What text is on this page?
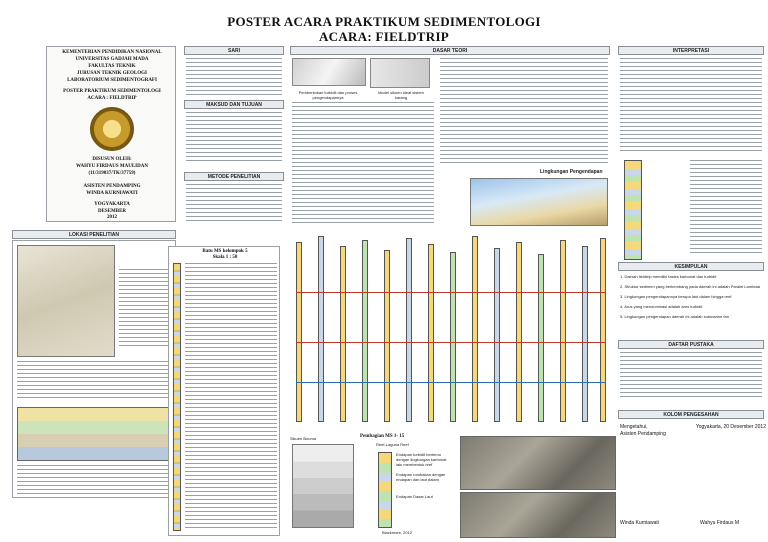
POSTER ACARA PRAKTIKUM SEDIMENTOLOGI
ACARA: FIELDTRIP
KEMENTERIAN PENDIDIKAN NASIONAL
UNIVERSITAS GADJAH MADA
FAKULTAS TEKNIK
JURUSAN TEKNIK GEOLOGI
LABORATORIUM SEDIMENTOGRAFI
POSTER PRAKTIKUM SEDIMENTOLOGI
ACARA : FIELDTRIP
DISUSUN OLEH:
WAHYU FIRDAUS MAULIDAN
(11/319037/TK/37759)
ASISTEN PENDAMPING
WINDA KURNIAWATI
YOGYAKARTA
DESEMBER
2012
LOKASI PENELITIAN
SARI
MAKSUD DAN TUJUAN
METODE PENELITIAN
DASAR TEORI
Pembentukan turbidit dan proses pengendapannya
Model sikuen ideal sistem karang
Lingkungan Pengendapan
Batu MS kelompok 5
Skala 1 : 50
Sikuen Bouma	Pembagian MS 1- 15
Reef-Laguna Reef
Endapan turbidit bertemu dengan lingkungan karbonat lalu membentuk reef
Endapan rombakan dengan endapan dari laut dalam
Endapan Dasar Laut
Blackmore, 2012
INTERPRETASI
KESIMPULAN
1. Daerah fieldtrip memiliki fasies karbonat dan turbidit
2. Struktur sedimen yang berkembang pada daerah ini adalah Paralel Laminasi
3. Lingkungan pengendapannya berupa laut dalam hingga reef
4. Arus yang mendominasi adalah arus turbidit
5. Lingkungan pengendapan daerah ini adalah submarine fan
DAFTAR PUSTAKA
KOLOM PENGESAHAN
Mengetahui,
Asisten Pendamping
Yogyakarta, 20 Desember 2012
Winda Kurniawati	Wahyu Firdaus M
